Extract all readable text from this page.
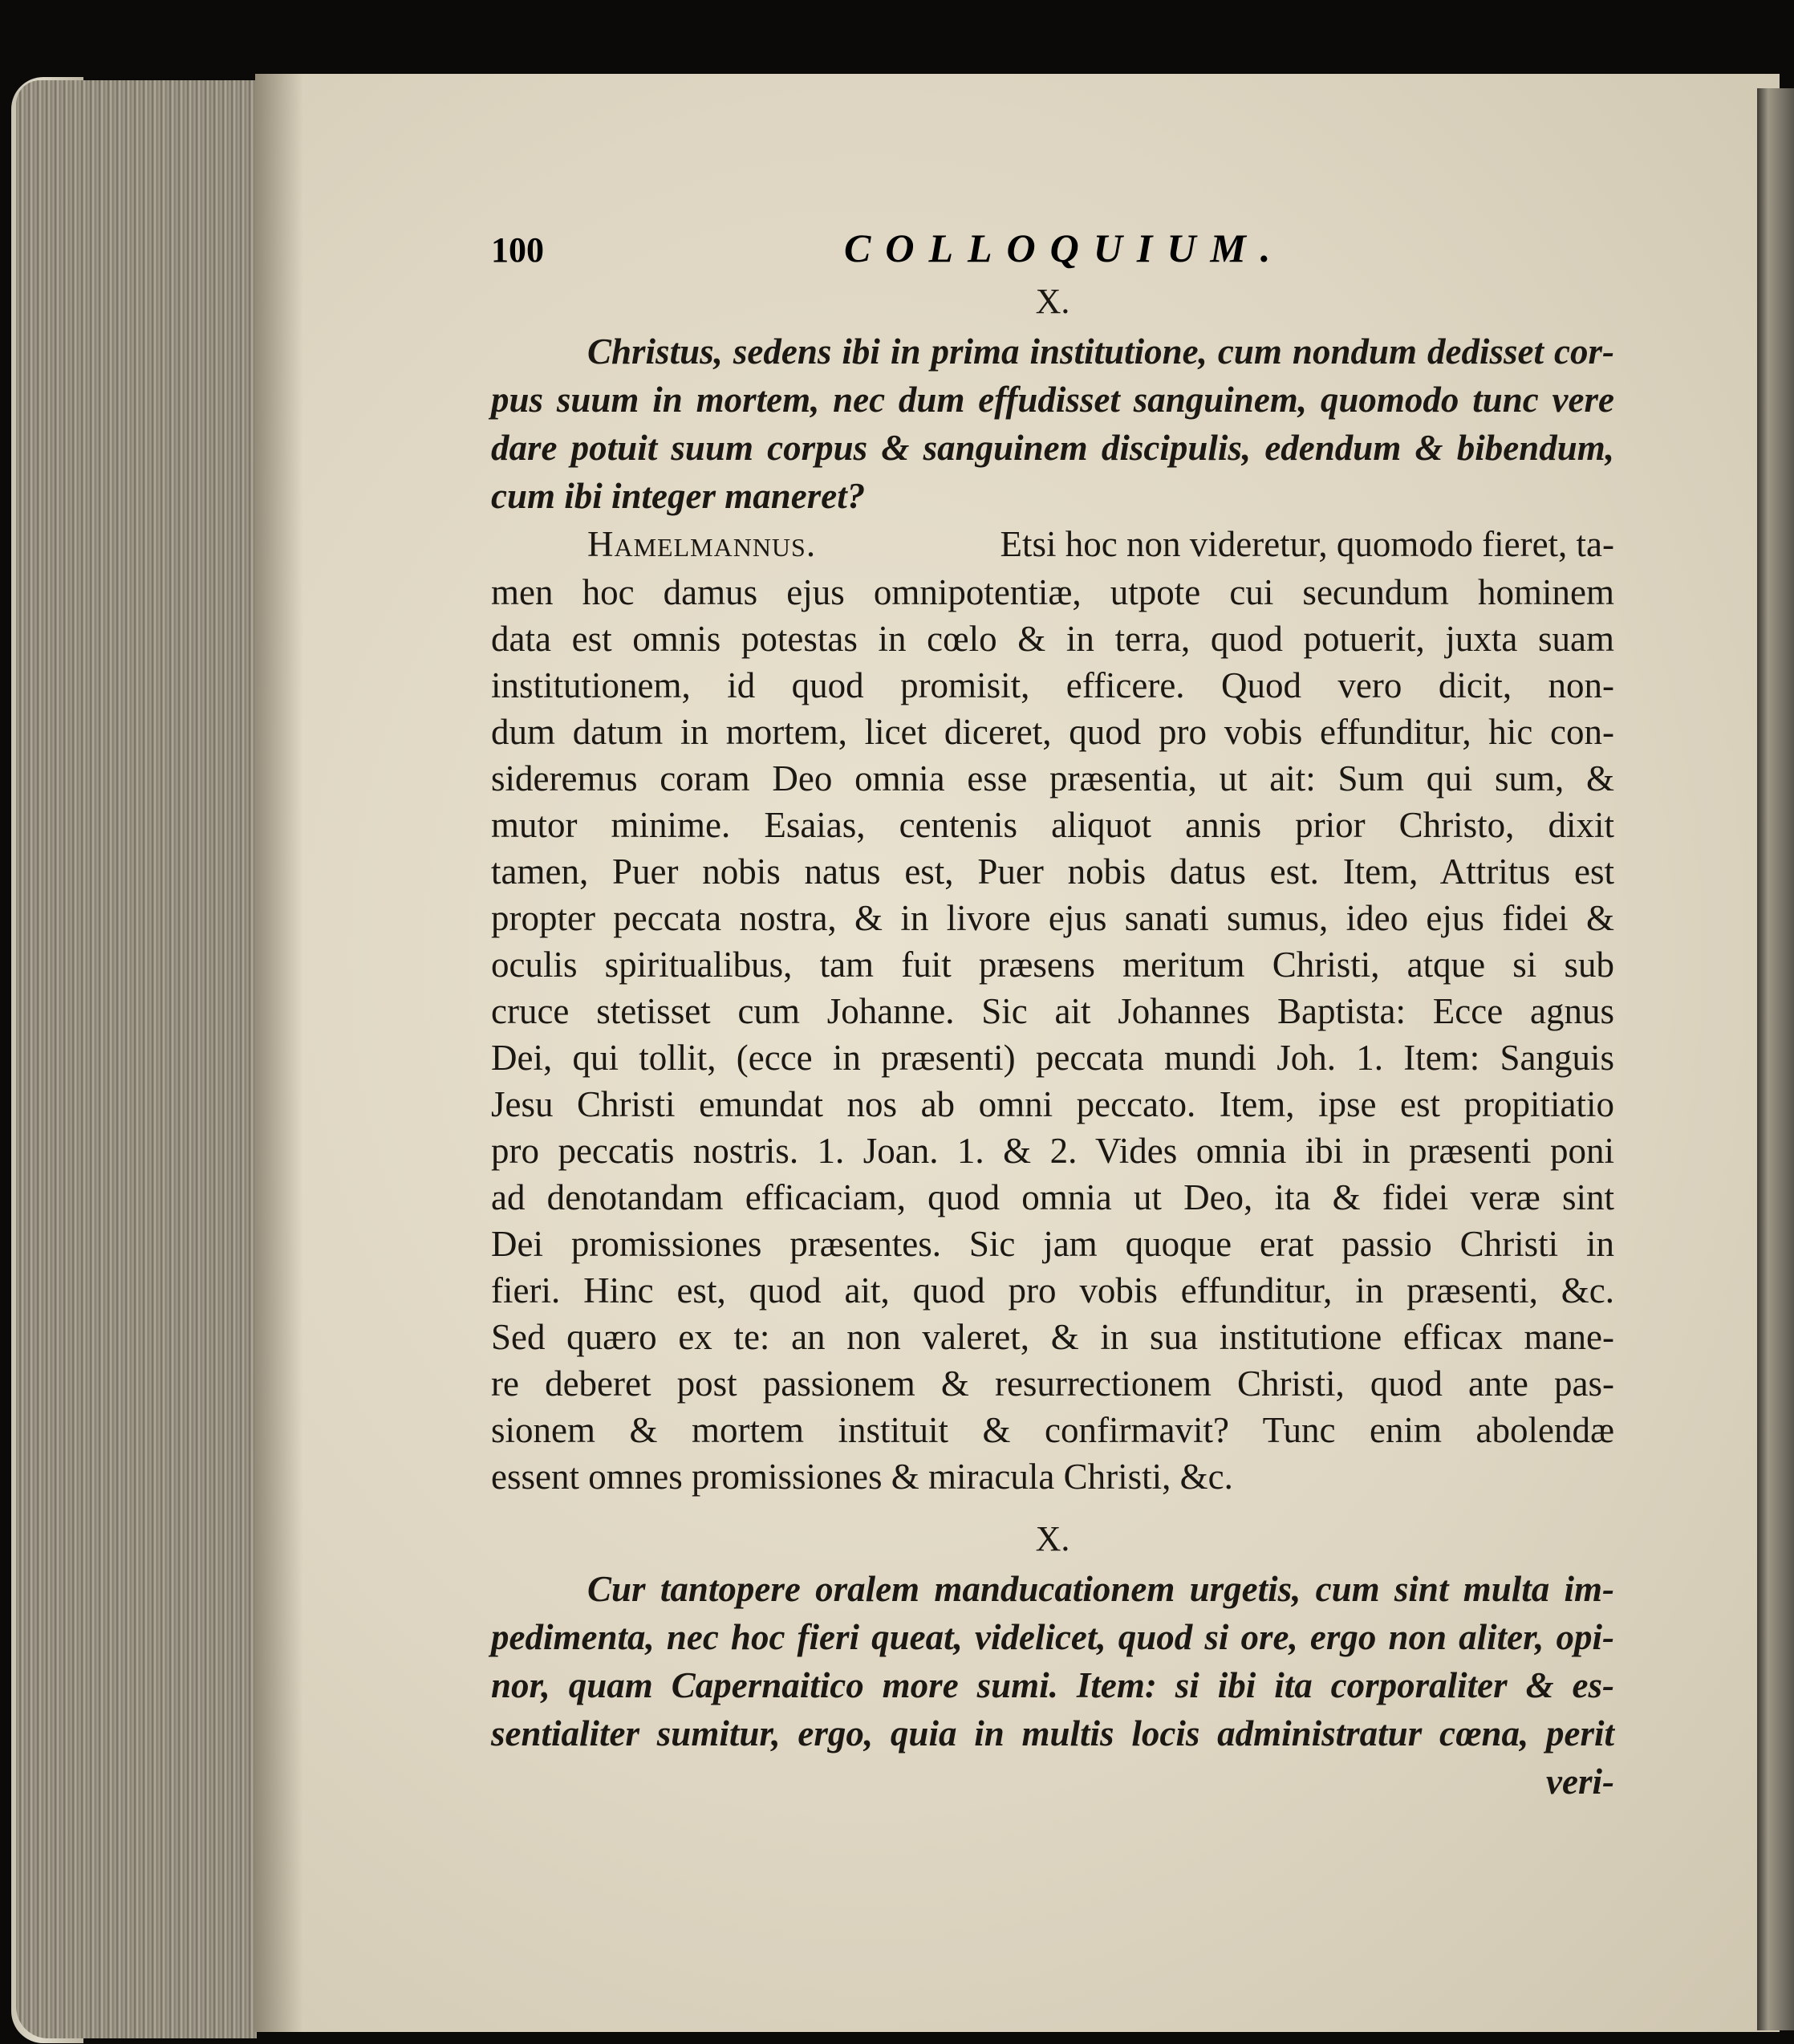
100	COLLOQUIUM.
X.
Christus, sedens ibi in prima institutione, cum nondum dedisset cor-
pus suum in mortem, nec dum effudisset sanguinem, quomodo tunc vere
dare potuit suum corpus & sanguinem discipulis, edendum & bibendum,
cum ibi integer maneret?
Hamelmannus.	Etsi hoc non videretur, quomodo fieret, ta-
men hoc damus ejus omnipotentiæ, utpote cui secundum hominem
data est omnis potestas in cœlo & in terra, quod potuerit, juxta suam
institutionem, id quod promisit, efficere. Quod vero dicit, non-
dum datum in mortem, licet diceret, quod pro vobis effunditur, hic con-
sideremus coram Deo omnia esse præsentia, ut ait: Sum qui sum, &
mutor minime. Esaias, centenis aliquot annis prior Christo, dixit
tamen, Puer nobis natus est, Puer nobis datus est. Item, Attritus est
propter peccata nostra, & in livore ejus sanati sumus, ideo ejus fidei &
oculis spiritualibus, tam fuit præsens meritum Christi, atque si sub
cruce stetisset cum Johanne. Sic ait Johannes Baptista: Ecce agnus
Dei, qui tollit, (ecce in præsenti) peccata mundi Joh. 1. Item: Sanguis
Jesu Christi emundat nos ab omni peccato. Item, ipse est propitiatio
pro peccatis nostris. 1. Joan. 1. & 2. Vides omnia ibi in præsenti poni
ad denotandam efficaciam, quod omnia ut Deo, ita & fidei veræ sint
Dei promissiones præsentes. Sic jam quoque erat passio Christi in
fieri. Hinc est, quod ait, quod pro vobis effunditur, in præsenti, &c.
Sed quæro ex te: an non valeret, & in sua institutione efficax mane-
re deberet post passionem & resurrectionem Christi, quod ante pas-
sionem & mortem instituit & confirmavit? Tunc enim abolendæ
essent omnes promissiones & miracula Christi, &c.
X.
Cur tantopere oralem manducationem urgetis, cum sint multa im-
pedimenta, nec hoc fieri queat, videlicet, quod si ore, ergo non aliter, opi-
nor, quam Capernaitico more sumi. Item: si ibi ita corporaliter & es-
sentialiter sumitur, ergo, quia in multis locis administratur cœna, perit
veri-
